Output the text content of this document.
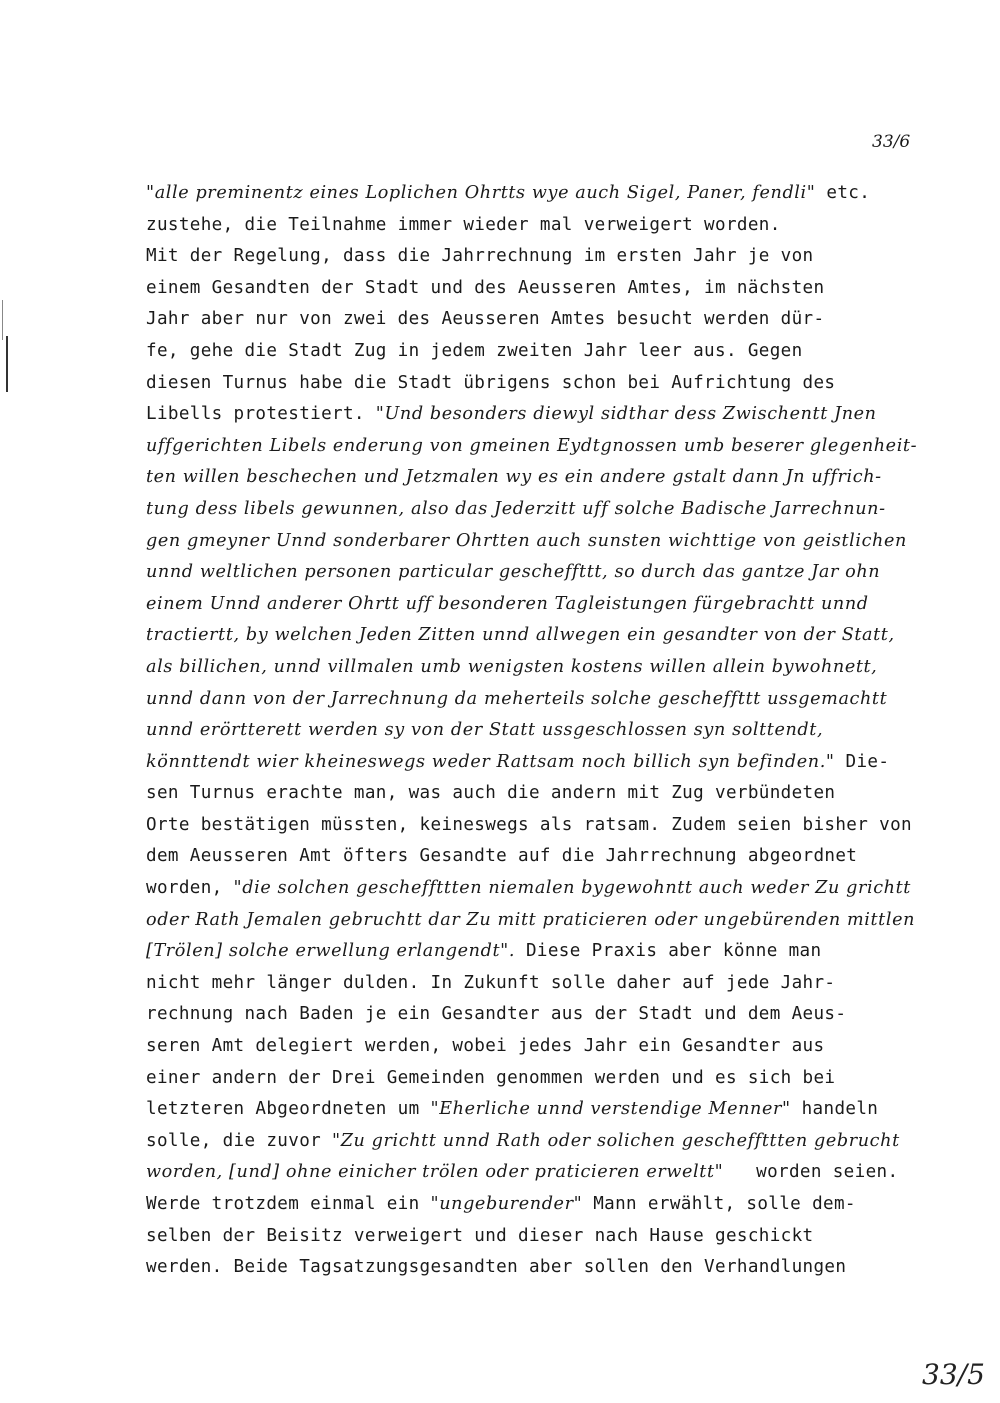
33/6
"alle preminentz eines Loplichen Ohrtts wye auch Sigel, Paner, fendli" etc.
zustehe, die Teilnahme immer wieder mal verweigert worden.
Mit der Regelung, dass die Jahrrechnung im ersten Jahr je von
einem Gesandten der Stadt und des Aeusseren Amtes, im nächsten
Jahr aber nur von zwei des Aeusseren Amtes besucht werden dür-
fe, gehe die Stadt Zug in jedem zweiten Jahr leer aus. Gegen
diesen Turnus habe die Stadt übrigens schon bei Aufrichtung des
Libells protestiert. "Und besonders diewyl sidthar dess Zwischentt Jnen
uffgerichten Libels enderung von gmeinen Eydtgnossen umb beserer glegenheit-
ten willen beschechen und Jetzmalen wy es ein andere gstalt dann Jn uffrich-
tung dess libels gewunnen, also das Jederzitt uff solche Badische Jarrechnun-
gen gmeyner Unnd sonderbarer Ohrtten auch sunsten wichttige von geistlichen
unnd weltlichen personen particular gescheffttt, so durch das gantze Jar ohn
einem Unnd anderer Ohrtt uff besonderen Tagleistungen fürgebrachtt unnd
tractiertt, by welchen Jeden Zitten unnd allwegen ein gesandter von der Statt,
als billichen, unnd villmalen umb wenigsten kostens willen allein bywohnett,
unnd dann von der Jarrechnung da meherteils solche gescheffttt ussgemachtt
unnd erörtterett werden sy von der Statt ussgeschlossen syn solttendt,
könnttendt wier kheineswegs weder Rattsam noch billich syn befinden." Die-
sen Turnus erachte man, was auch die andern mit Zug verbündeten
Orte bestätigen müssten, keineswegs als ratsam. Zudem seien bisher von
dem Aeusseren Amt öfters Gesandte auf die Jahrrechnung abgeordnet
worden, "die solchen gescheffttten niemalen bygewohntt auch weder Zu grichtt
oder Rath Jemalen gebruchtt dar Zu mitt praticieren oder ungebürenden mittlen
[Trölen] solche erwellung erlangendt". Diese Praxis aber könne man
nicht mehr länger dulden. In Zukunft solle daher auf jede Jahr-
rechnung nach Baden je ein Gesandter aus der Stadt und dem Aeus-
seren Amt delegiert werden, wobei jedes Jahr ein Gesandter aus
einer andern der Drei Gemeinden genommen werden und es sich bei
letzteren Abgeordneten um "Eherliche unnd verstendige Menner" handeln
solle, die zuvor "Zu grichtt unnd Rath oder solichen gescheffttten gebrucht
worden, [und] ohne einicher trölen oder praticieren erweltt"   worden seien.
Werde trotzdem einmal ein "ungeburender" Mann erwählt, solle dem-
selben der Beisitz verweigert und dieser nach Hause geschickt
werden. Beide Tagsatzungsgesandten aber sollen den Verhandlungen
33/5
